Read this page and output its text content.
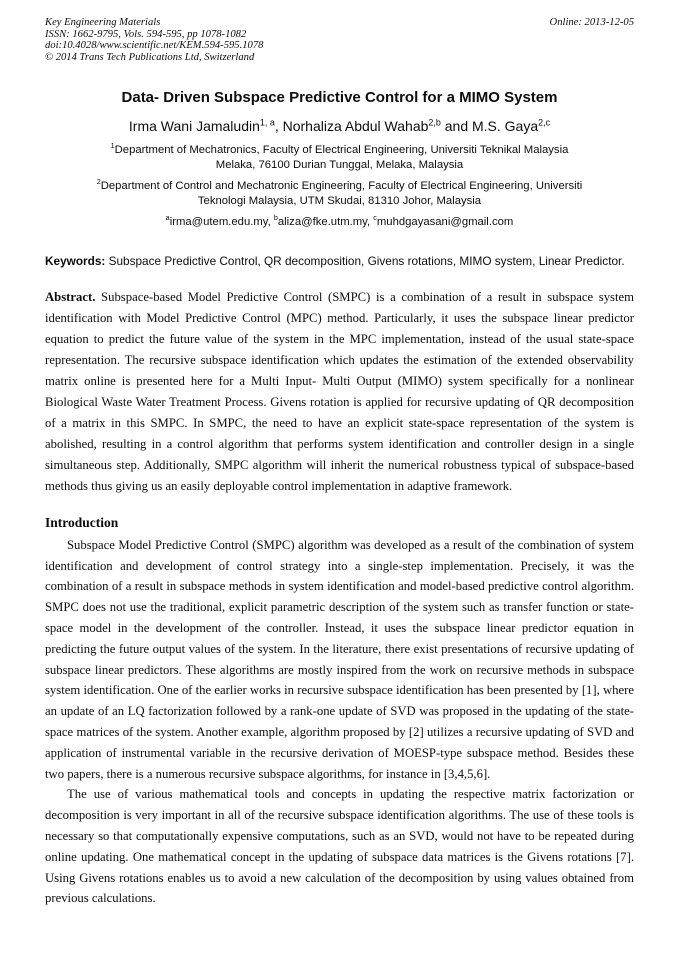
Key Engineering Materials
ISSN: 1662-9795, Vols. 594-595, pp 1078-1082
doi:10.4028/www.scientific.net/KEM.594-595.1078
© 2014 Trans Tech Publications Ltd, Switzerland
Online: 2013-12-05
Data- Driven Subspace Predictive Control for a MIMO System
Irma Wani Jamaludin$^{1, a}$, Norhaliza Abdul Wahab$^{2,b}$ and M.S. Gaya$^{2,c}$
$^1$Department of Mechatronics, Faculty of Electrical Engineering, Universiti Teknikal Malaysia
Melaka, 76100 Durian Tunggal, Melaka, Malaysia
$^2$Department of Control and Mechatronic Engineering, Faculty of Electrical Engineering, Universiti
Teknologi Malaysia, UTM Skudai, 81310 Johor, Malaysia
$^a$irma@utem.edu.my, $^b$aliza@fke.utm.my, $^c$muhdgayasani@gmail.com

Keywords: Subspace Predictive Control, QR decomposition, Givens rotations, MIMO system, Linear Predictor.

Abstract. Subspace-based Model Predictive Control (SMPC) is a combination of a result in subspace system identification with Model Predictive Control (MPC) method. Particularly, it uses the subspace linear predictor equation to predict the future value of the system in the MPC implementation, instead of the usual state-space representation. The recursive subspace identification which updates the estimation of the extended observability matrix online is presented here for a Multi Input- Multi Output (MIMO) system specifically for a nonlinear Biological Waste Water Treatment Process. Givens rotation is applied for recursive updating of QR decomposition of a matrix in this SMPC. In SMPC, the need to have an explicit state-space representation of the system is abolished, resulting in a control algorithm that performs system identification and controller design in a single simultaneous step. Additionally, SMPC algorithm will inherit the numerical robustness typical of subspace-based methods thus giving us an easily deployable control implementation in adaptive framework.

Introduction

Subspace Model Predictive Control (SMPC) algorithm was developed as a result of the combination of system identification and development of control strategy into a single-step implementation. Precisely, it was the combination of a result in subspace methods in system identification and model-based predictive control algorithm. SMPC does not use the traditional, explicit parametric description of the system such as transfer function or state-space model in the development of the controller. Instead, it uses the subspace linear predictor equation in predicting the future output values of the system. In the literature, there exist presentations of recursive updating of subspace linear predictors. These algorithms are mostly inspired from the work on recursive methods in subspace system identification. One of the earlier works in recursive subspace identification has been presented by [1], where an update of an LQ factorization followed by a rank-one update of SVD was proposed in the updating of the state-space matrices of the system. Another example, algorithm proposed by [2] utilizes a recursive updating of SVD and application of instrumental variable in the recursive derivation of MOESP-type subspace method. Besides these two papers, there is a numerous recursive subspace algorithms, for instance in [3,4,5,6].

The use of various mathematical tools and concepts in updating the respective matrix factorization or decomposition is very important in all of the recursive subspace identification algorithms. The use of these tools is necessary so that computationally expensive computations, such as an SVD, would not have to be repeated during online updating. One mathematical concept in the updating of subspace data matrices is the Givens rotations [7]. Using Givens rotations enables us to avoid a new calculation of the decomposition by using values obtained from previous calculations.
